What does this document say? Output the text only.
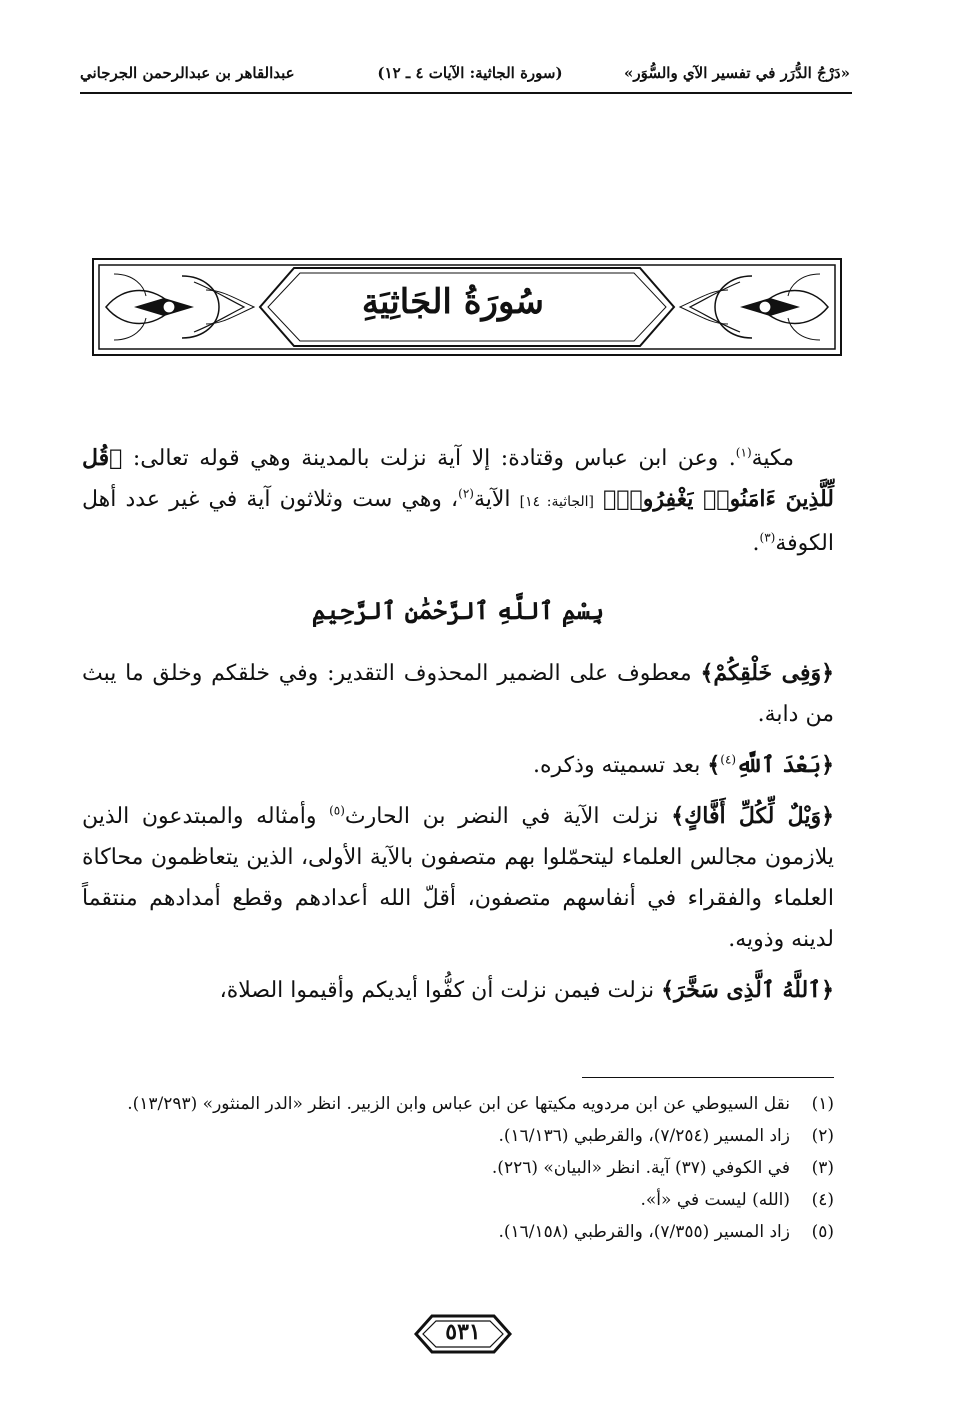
«دَرْجُ الدُّرَر في تفسير الآي والسُّوَر»
(سورة الجاثية: الآيات ٤ ـ ١٢)
عبدالقاهر بن عبدالرحمن الجرجاني
سُورَةُ الجَاثِيَةِ

مكية$^{(١)}$. وعن ابن عباس وقتادة: إلا آية نزلت بالمدينة وهي قوله تعالى: ﴿قُل لِّلَّذِينَ ءَامَنُوا۟ يَغْفِرُوا۟﴾ [الجاثية: ١٤] الآية$^{(٢)}$، وهي ست وثلاثون آية في غير عدد أهل الكوفة$^{(٣)}$.

بِسْمِ ٱللَّهِ ٱلرَّحْمَٰنِ ٱلرَّحِيمِ

﴿وَفِى خَلْقِكُمْ﴾ معطوف على الضمير المحذوف التقدير: وفي خلقكم وخلق ما يبث من دابة.

﴿بَعْدَ ٱللَّهِ$^{(٤)}$﴾ بعد تسميته وذكره.

﴿وَيْلٌ لِّكُلِّ أَفَّاكٍ﴾ نزلت الآية في النضر بن الحارث$^{(٥)}$ وأمثاله والمبتدعون الذين يلازمون مجالس العلماء ليتحمّلوا بهم متصفون بالآية الأولى، الذين يتعاظمون محاكاة العلماء والفقراء في أنفاسهم متصفون، أقلّ الله أعدادهم وقطع أمدادهم منتقماً لدينه وذويه.

﴿ٱللَّهُ ٱلَّذِى سَخَّرَ﴾ نزلت فيمن نزلت أن كفُّوا أيديكم وأقيموا الصلاة،

(١)
نقل السيوطي عن ابن مردويه مكيتها عن ابن عباس وابن الزبير. انظر «الدر المنثور» (١٣/٢٩٣).
(٢)
زاد المسير (٧/٢٥٤)، والقرطبي (١٦/١٣٦).
(٣)
في الكوفي (٣٧) آية. انظر «البيان» (٢٢٦).
(٤)
(الله) ليست في «أ».
(٥)
زاد المسير (٧/٣٥٥)، والقرطبي (١٦/١٥٨).
٥٣١
